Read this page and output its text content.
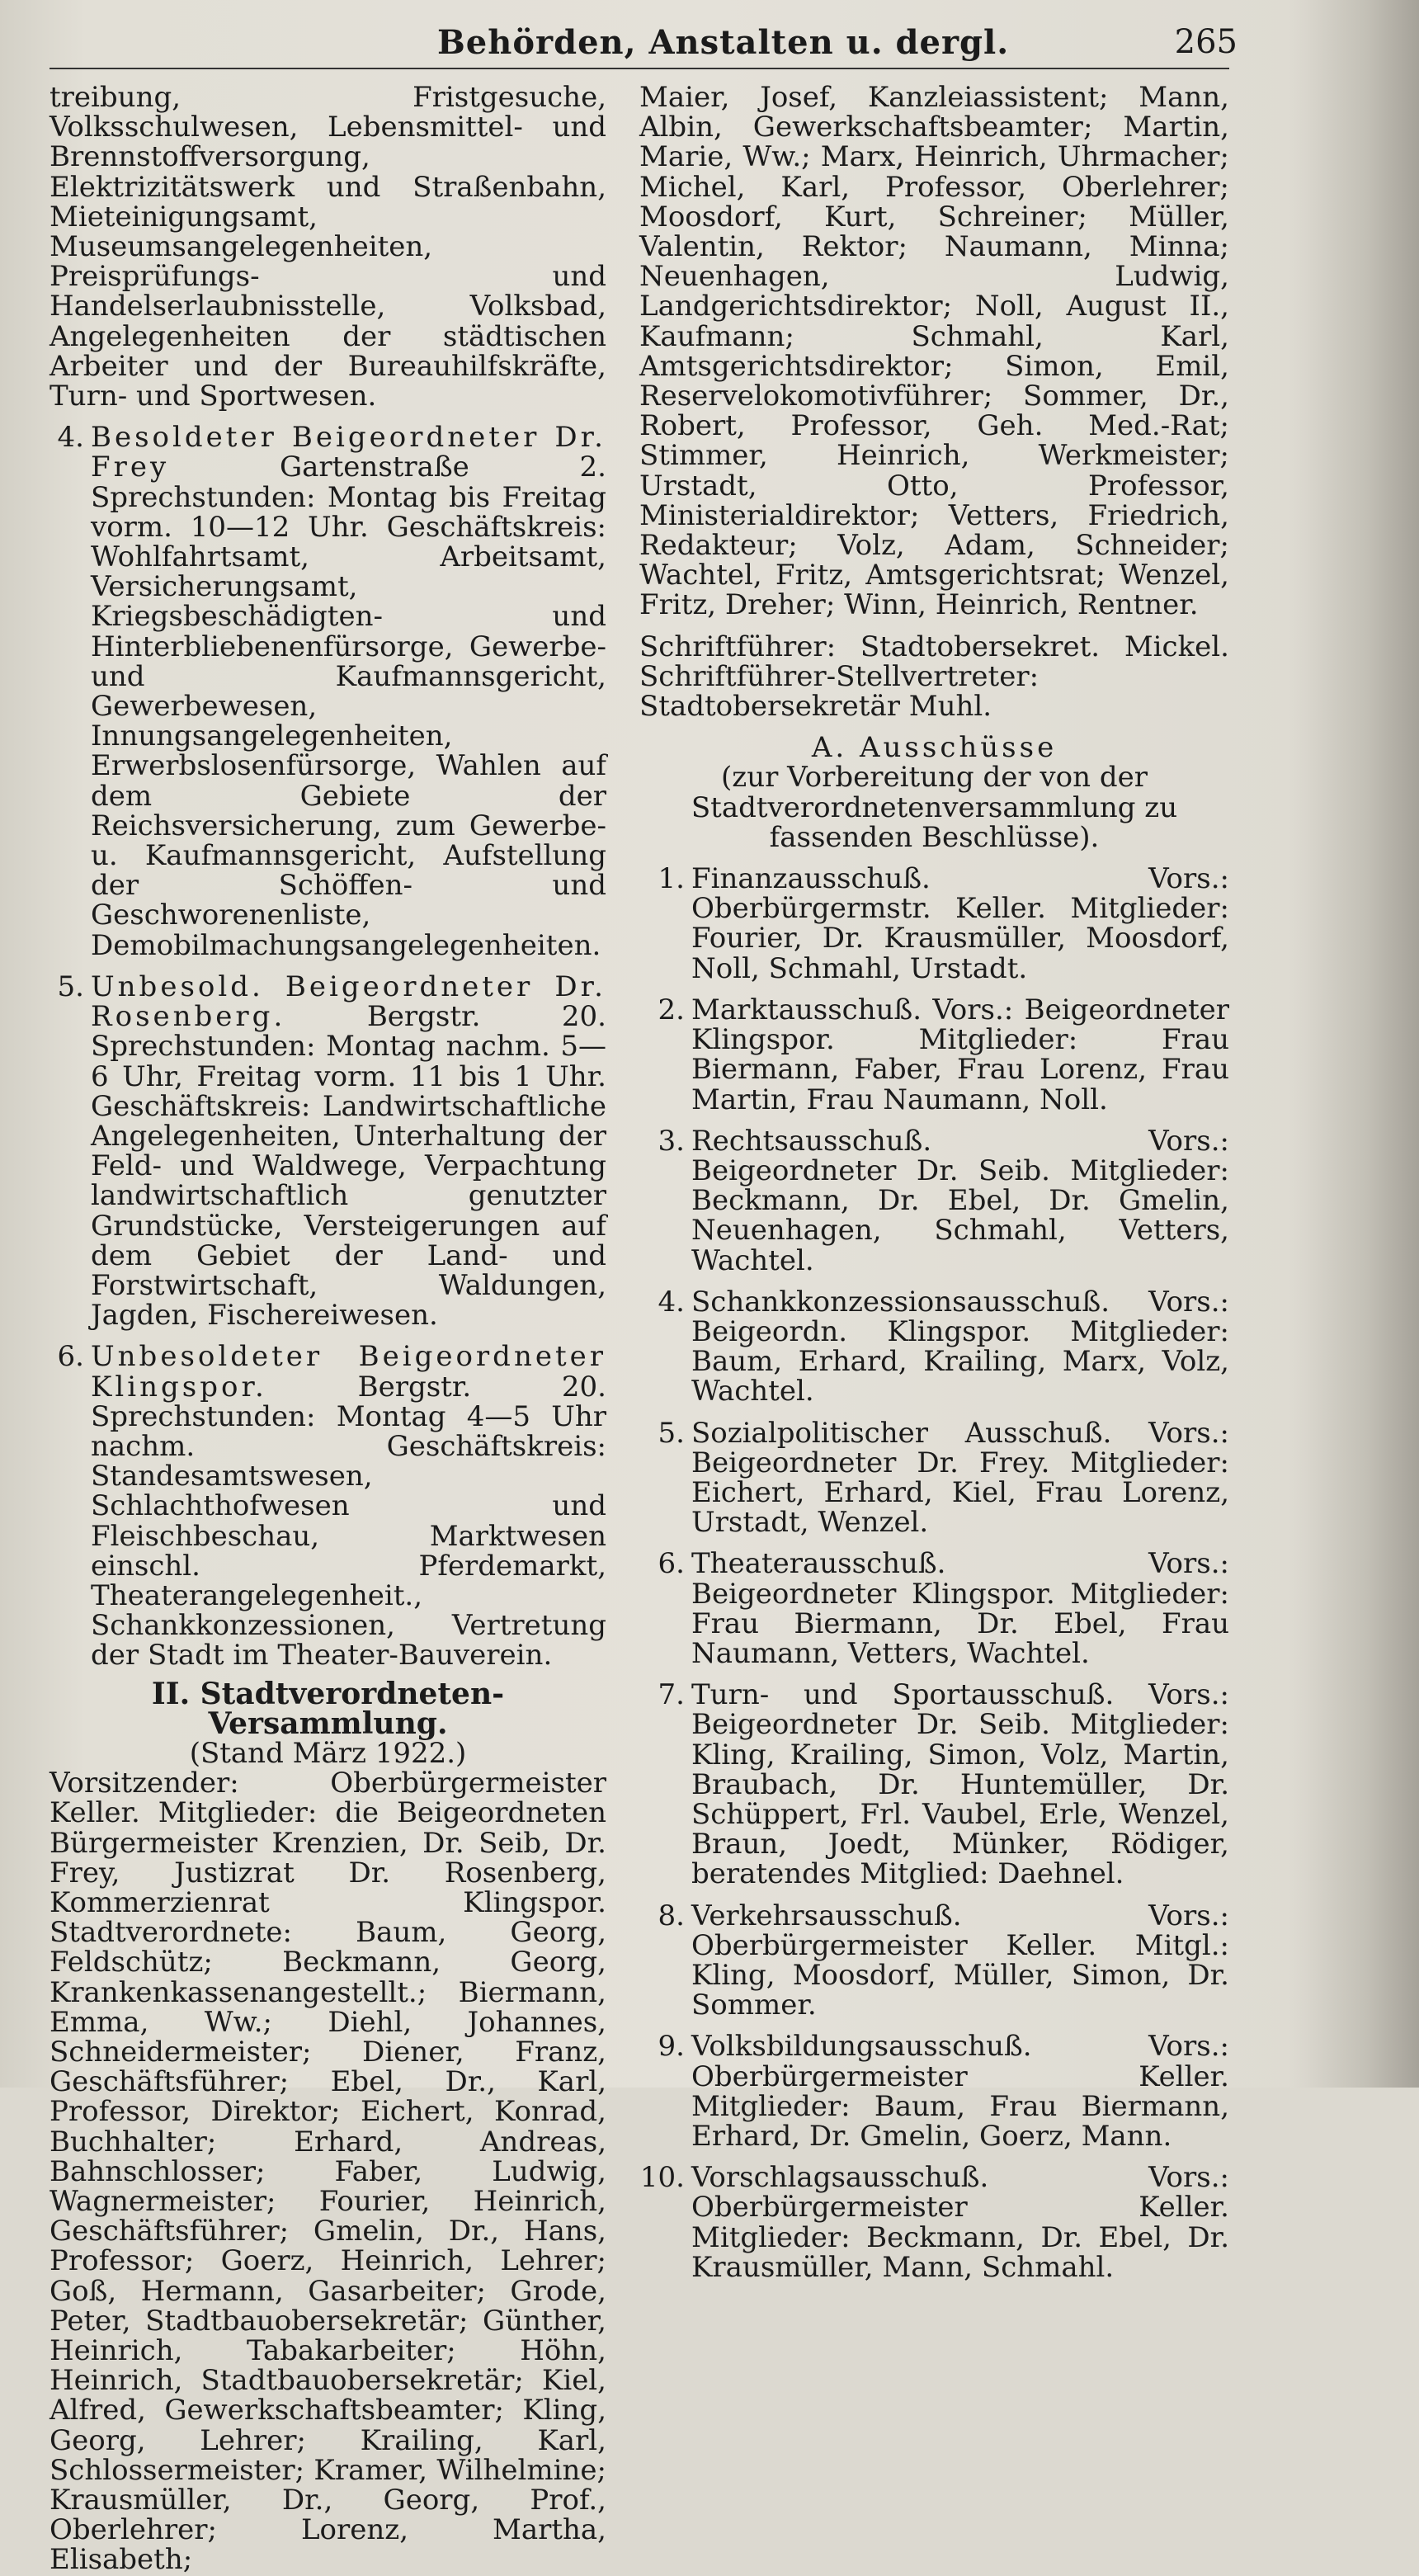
Behörden, Anstalten u. dergl.	265

treibung, Fristgesuche, Volksschulwesen, Lebensmittel- und Brennstoffversorgung, Elektrizitätswerk und Straßenbahn, Mieteinigungsamt, Museumsangelegenheiten, Preisprüfungs- und Handelserlaubnisstelle, Volksbad, Angelegenheiten der städtischen Arbeiter und der Bureauhilfskräfte, Turn- und Sportwesen.

4. Besoldeter Beigeordneter Dr. Frey	Gartenstraße 2. Sprechstunden: Montag bis Freitag vorm. 10—12 Uhr. Geschäftskreis: Wohlfahrtsamt, Arbeitsamt, Versicherungsamt, Kriegsbeschädigten- und Hinterbliebenenfürsorge, Gewerbe- und Kaufmannsgericht, Gewerbewesen, Innungsangelegenheiten, Erwerbslosenfürsorge, Wahlen auf dem Gebiete der Reichsversicherung, zum Gewerbe- u. Kaufmannsgericht, Aufstellung der Schöffen- und Geschworenenliste, Demobilmachungsangelegenheiten.

5. Unbesold. Beigeordneter Dr. Rosenberg.	Bergstr. 20. Sprechstunden: Montag nachm. 5—6 Uhr, Freitag vorm. 11 bis 1 Uhr. Geschäftskreis: Landwirtschaftliche Angelegenheiten, Unterhaltung der Feld- und Waldwege, Verpachtung landwirtschaftlich genutzter Grundstücke, Versteigerungen auf dem Gebiet der Land- und Forstwirtschaft, Waldungen, Jagden, Fischereiwesen.

6. Unbesoldeter Beigeordneter Klingspor.	Bergstr. 20. Sprechstunden: Montag 4—5 Uhr nachm. Geschäftskreis: Standesamtswesen, Schlachthofwesen und Fleischbeschau, Marktwesen einschl. Pferdemarkt, Theaterangelegenheit., Schankkonzessionen, Vertretung der Stadt im Theater-Bauverein.

II. Stadtverordneten-Versammlung.
(Stand März 1922.)

Vorsitzender: Oberbürgermeister Keller. Mitglieder: die Beigeordneten Bürgermeister Krenzien, Dr. Seib, Dr. Frey, Justizrat Dr. Rosenberg, Kommerzienrat Klingspor. Stadtverordnete: Baum, Georg, Feldschütz; Beckmann, Georg, Krankenkassenangestellt.; Biermann, Emma, Ww.; Diehl, Johannes, Schneidermeister; Diener, Franz, Geschäftsführer; Ebel, Dr., Karl, Professor, Direktor; Eichert, Konrad, Buchhalter; Erhard, Andreas, Bahnschlosser; Faber, Ludwig, Wagnermeister; Fourier, Heinrich, Geschäftsführer; Gmelin, Dr., Hans, Professor; Goerz, Heinrich, Lehrer; Goß, Hermann, Gasarbeiter; Grode, Peter, Stadtbauobersekretär; Günther, Heinrich, Tabakarbeiter; Höhn, Heinrich, Stadtbauobersekretär; Kiel, Alfred, Gewerkschaftsbeamter; Kling, Georg, Lehrer; Krailing, Karl, Schlossermeister; Kramer, Wilhelmine; Krausmüller, Dr., Georg, Prof., Oberlehrer; Lorenz, Martha, Elisabeth;

Maier, Josef, Kanzleiassistent; Mann, Albin, Gewerkschaftsbeamter; Martin, Marie, Ww.; Marx, Heinrich, Uhrmacher; Michel, Karl, Professor, Oberlehrer; Moosdorf, Kurt, Schreiner; Müller, Valentin, Rektor; Naumann, Minna; Neuenhagen, Ludwig, Landgerichtsdirektor; Noll, August II., Kaufmann; Schmahl, Karl, Amtsgerichtsdirektor; Simon, Emil, Reservelokomotivführer; Sommer, Dr., Robert, Professor, Geh. Med.-Rat; Stimmer, Heinrich, Werkmeister; Urstadt, Otto, Professor, Ministerialdirektor; Vetters, Friedrich, Redakteur; Volz, Adam, Schneider; Wachtel, Fritz, Amtsgerichtsrat; Wenzel, Fritz, Dreher; Winn, Heinrich, Rentner.

Schriftführer: Stadtobersekret. Mickel. Schriftführer-Stellvertreter: Stadtobersekretär Muhl.

A. Ausschüsse
(zur Vorbereitung der von der Stadtverordnetenversammlung zu fassenden Beschlüsse).
1. Finanzausschuß. Vors.: Oberbürgermstr. Keller. Mitglieder: Fourier, Dr. Krausmüller, Moosdorf, Noll, Schmahl, Urstadt.

2. Marktausschuß. Vors.: Beigeordneter Klingspor. Mitglieder: Frau Biermann, Faber, Frau Lorenz, Frau Martin, Frau Naumann, Noll.

3. Rechtsausschuß. Vors.: Beigeordneter Dr. Seib. Mitglieder: Beckmann, Dr. Ebel, Dr. Gmelin, Neuenhagen, Schmahl, Vetters, Wachtel.

4. Schankkonzessionsausschuß. Vors.: Beigeordn. Klingspor. Mitglieder: Baum, Erhard, Krailing, Marx, Volz, Wachtel.

5. Sozialpolitischer Ausschuß. Vors.: Beigeordneter Dr. Frey. Mitglieder: Eichert, Erhard, Kiel, Frau Lorenz, Urstadt, Wenzel.

6. Theaterausschuß. Vors.: Beigeordneter Klingspor. Mitglieder: Frau Biermann, Dr. Ebel, Frau Naumann, Vetters, Wachtel.

7. Turn- und Sportausschuß. Vors.: Beigeordneter Dr. Seib. Mitglieder: Kling, Krailing, Simon, Volz, Martin, Braubach, Dr. Huntemüller, Dr. Schüppert, Frl. Vaubel, Erle, Wenzel, Braun, Joedt, Münker, Rödiger, beratendes Mitglied: Daehnel.

8. Verkehrsausschuß. Vors.: Oberbürgermeister Keller. Mitgl.: Kling, Moosdorf, Müller, Simon, Dr. Sommer.

9. Volksbildungsausschuß. Vors.: Oberbürgermeister Keller. Mitglieder: Baum, Frau Biermann, Erhard, Dr. Gmelin, Goerz, Mann.

10. Vorschlagsausschuß. Vors.: Oberbürgermeister Keller. Mitglieder: Beckmann, Dr. Ebel, Dr. Krausmüller, Mann, Schmahl.
